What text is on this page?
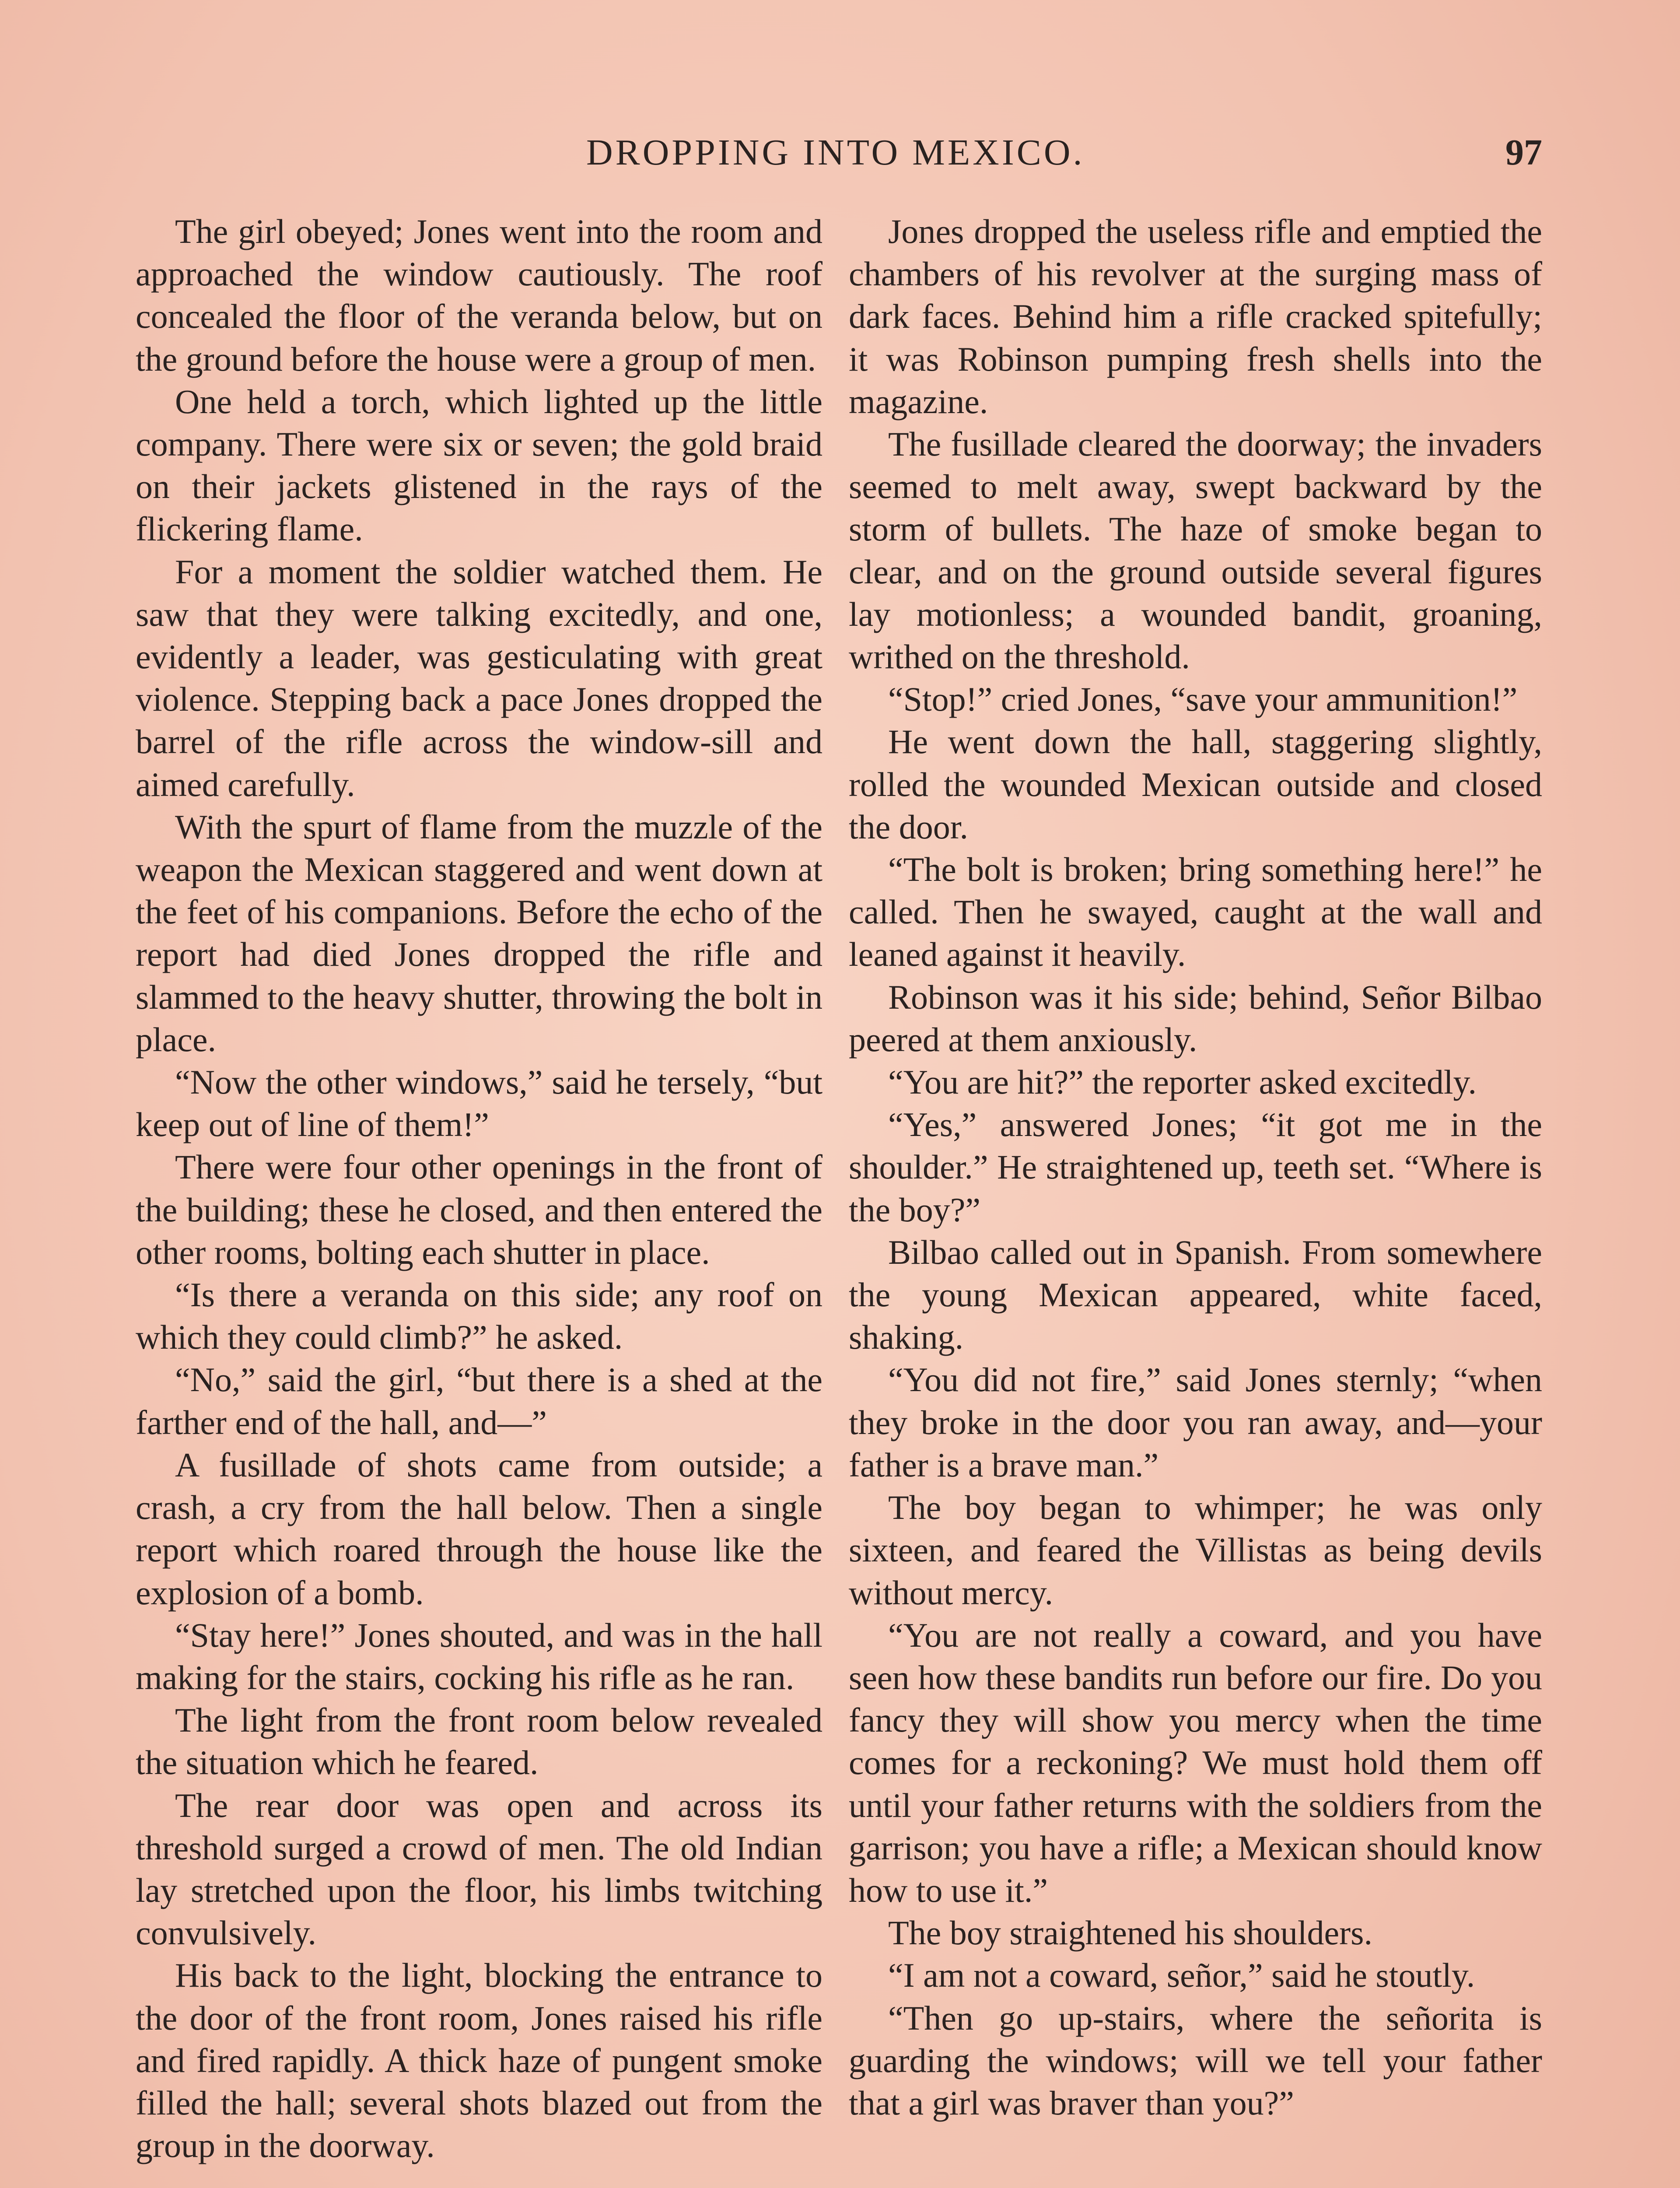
DROPPING INTO MEXICO.	97

The girl obeyed; Jones went into the room and approached the window cautiously. The roof concealed the floor of the veranda below, but on the ground before the house were a group of men.

One held a torch, which lighted up the little company. There were six or seven; the gold braid on their jackets glistened in the rays of the flickering flame.

For a moment the soldier watched them. He saw that they were talking excitedly, and one, evidently a leader, was gesticulating with great violence. Stepping back a pace Jones dropped the barrel of the rifle across the window-sill and aimed carefully.

With the spurt of flame from the muzzle of the weapon the Mexican staggered and went down at the feet of his companions. Before the echo of the report had died Jones dropped the rifle and slammed to the heavy shutter, throwing the bolt in place.

“Now the other windows,” said he tersely, “but keep out of line of them!”

There were four other openings in the front of the building; these he closed, and then entered the other rooms, bolting each shutter in place.

“Is there a veranda on this side; any roof on which they could climb?” he asked.

“No,” said the girl, “but there is a shed at the farther end of the hall, and—”

A fusillade of shots came from outside; a crash, a cry from the hall below. Then a single report which roared through the house like the explosion of a bomb.

“Stay here!” Jones shouted, and was in the hall making for the stairs, cocking his rifle as he ran.

The light from the front room below revealed the situation which he feared.

The rear door was open and across its threshold surged a crowd of men. The old Indian lay stretched upon the floor, his limbs twitching convulsively.

His back to the light, blocking the entrance to the door of the front room, Jones raised his rifle and fired rapidly. A thick haze of pungent smoke filled the hall; several shots blazed out from the group in the doorway.

Jones dropped the useless rifle and emptied the chambers of his revolver at the surging mass of dark faces. Behind him a rifle cracked spitefully; it was Robinson pumping fresh shells into the magazine.

The fusillade cleared the doorway; the invaders seemed to melt away, swept backward by the storm of bullets. The haze of smoke began to clear, and on the ground outside several figures lay motionless; a wounded bandit, groaning, writhed on the threshold.

“Stop!” cried Jones, “save your ammunition!”

He went down the hall, staggering slightly, rolled the wounded Mexican outside and closed the door.

“The bolt is broken; bring something here!” he called. Then he swayed, caught at the wall and leaned against it heavily.

Robinson was it his side; behind, Señor Bilbao peered at them anxiously.

“You are hit?” the reporter asked excitedly.

“Yes,” answered Jones; “it got me in the shoulder.” He straightened up, teeth set. “Where is the boy?”

Bilbao called out in Spanish. From somewhere the young Mexican appeared, white faced, shaking.

“You did not fire,” said Jones sternly; “when they broke in the door you ran away, and—your father is a brave man.”

The boy began to whimper; he was only sixteen, and feared the Villistas as being devils without mercy.

“You are not really a coward, and you have seen how these bandits run before our fire. Do you fancy they will show you mercy when the time comes for a reckoning? We must hold them off until your father returns with the soldiers from the garrison; you have a rifle; a Mexican should know how to use it.”

The boy straightened his shoulders.

“I am not a coward, señor,” said he stoutly.

“Then go up-stairs, where the señorita is guarding the windows; will we tell your father that a girl was braver than you?”
